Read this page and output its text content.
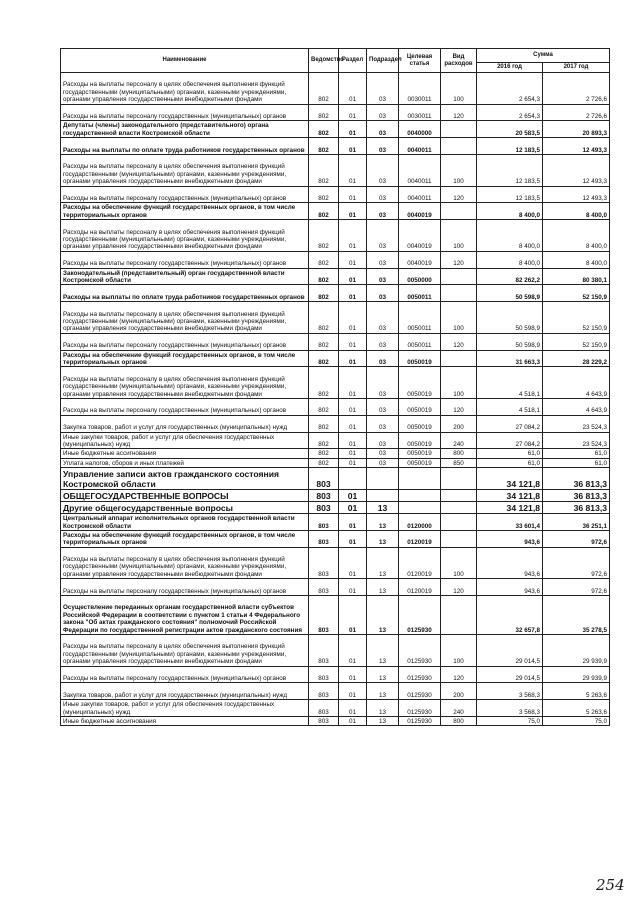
Наименование	Ведомство	Раздел	Подраздел	Целевая статья	Вид расходов	Сумма	
						2016 год	2017 год
Расходы на выплаты персоналу в целях обеспечения выполнения функций государственными (муниципальными) органами, казенными учреждениями, органами управления государственными внебюджетными фондами	802	01	03	0030011	100	2 654,3	2 726,6
Расходы на выплаты персоналу государственных (муниципальных) органов	802	01	03	0030011	120	2 654,3	2 726,6
Депутаты (члены) законодательного (представительного) органа государственной власти Костромской области	802	01	03	0040000		20 583,5	20 893,3
Расходы на выплаты по оплате труда работников государственных органов	802	01	03	0040011		12 183,5	12 493,3
Расходы на выплаты персоналу в целях обеспечения выполнения функций государственными (муниципальными) органами, казенными учреждениями, органами управления государственными внебюджетными фондами	802	01	03	0040011	100	12 183,5	12 493,3
Расходы на выплаты персоналу государственных (муниципальных) органов	802	01	03	0040011	120	12 183,5	12 493,3
Расходы на обеспечение функций государственных органов, в том числе территориальных органов	802	01	03	0040019		8 400,0	8 400,0
Расходы на выплаты персоналу в целях обеспечения выполнения функций государственными (муниципальными) органами, казенными учреждениями, органами управления государственными внебюджетными фондами	802	01	03	0040019	100	8 400,0	8 400,0
Расходы на выплаты персоналу государственных (муниципальных) органов	802	01	03	0040019	120	8 400,0	8 400,0
Законодательный (представительный) орган государственной власти Костромской области	802	01	03	0050000		82 262,2	80 380,1
Расходы на выплаты по оплате труда работников государственных органов	802	01	03	0050011		50 598,9	52 150,9
Расходы на выплаты персоналу в целях обеспечения выполнения функций государственными (муниципальными) органами, казенными учреждениями, органами управления государственными внебюджетными фондами	802	01	03	0050011	100	50 598,9	52 150,9
Расходы на выплаты персоналу государственных (муниципальных) органов	802	01	03	0050011	120	50 598,9	52 150,9
Расходы на обеспечение функций государственных органов, в том числе территориальных органов	802	01	03	0050019		31 663,3	28 229,2
Расходы на выплаты персоналу в целях обеспечения выполнения функций государственными (муниципальными) органами, казенными учреждениями, органами управления государственными внебюджетными фондами	802	01	03	0050019	100	4 518,1	4 643,9
Расходы на выплаты персоналу государственных (муниципальных) органов	802	01	03	0050019	120	4 518,1	4 643,9
Закупка товаров, работ и услуг для государственных (муниципальных) нужд	802	01	03	0050019	200	27 084,2	23 524,3
Иные закупки товаров, работ и услуг для обеспечения государственных (муниципальных) нужд	802	01	03	0050019	240	27 084,2	23 524,3
Иные бюджетные ассигнования	802	01	03	0050019	800	61,0	61,0
Уплата налогов, сборов и иных платежей	802	01	03	0050019	850	61,0	61,0
Управление записи актов гражданского состояния Костромской области	803					34 121,8	36 813,3
ОБЩЕГОСУДАРСТВЕННЫЕ ВОПРОСЫ	803	01				34 121,8	36 813,3
Другие общегосударственные вопросы	803	01	13			34 121,8	36 813,3
Центральный аппарат исполнительных органов государственной власти Костромской области	803	01	13	0120000		33 601,4	36 251,1
Расходы на обеспечение функций государственных органов, в том числе территориальных органов	803	01	13	0120019		943,6	972,6
Расходы на выплаты персоналу в целях обеспечения выполнения функций государственными (муниципальными) органами, казенными учреждениями, органами управления государственными внебюджетными фондами	803	01	13	0120019	100	943,6	972,6
Расходы на выплаты персоналу государственных (муниципальных) органов	803	01	13	0120019	120	943,6	972,6
Осуществление переданных органам государственной власти субъектов Российской Федерации в соответствии с пунктом 1 статьи 4 Федерального закона "Об актах гражданского состояния" полномочий Российской Федерации по государственной регистрации актов гражданского состояния	803	01	13	0125930		32 657,8	35 278,5
Расходы на выплаты персоналу в целях обеспечения выполнения функций государственными (муниципальными) органами, казенными учреждениями, органами управления государственными внебюджетными фондами	803	01	13	0125930	100	29 014,5	29 939,9
Расходы на выплаты персоналу государственных (муниципальных) органов	803	01	13	0125930	120	29 014,5	29 939,9
Закупка товаров, работ и услуг для государственных (муниципальных) нужд	803	01	13	0125930	200	3 568,3	5 263,6
Иные закупки товаров, работ и услуг для обеспечения государственных (муниципальных) нужд	803	01	13	0125930	240	3 568,3	5 263,6
Иные бюджетные ассигнования	803	01	13	0125930	800	75,0	75,0
254
